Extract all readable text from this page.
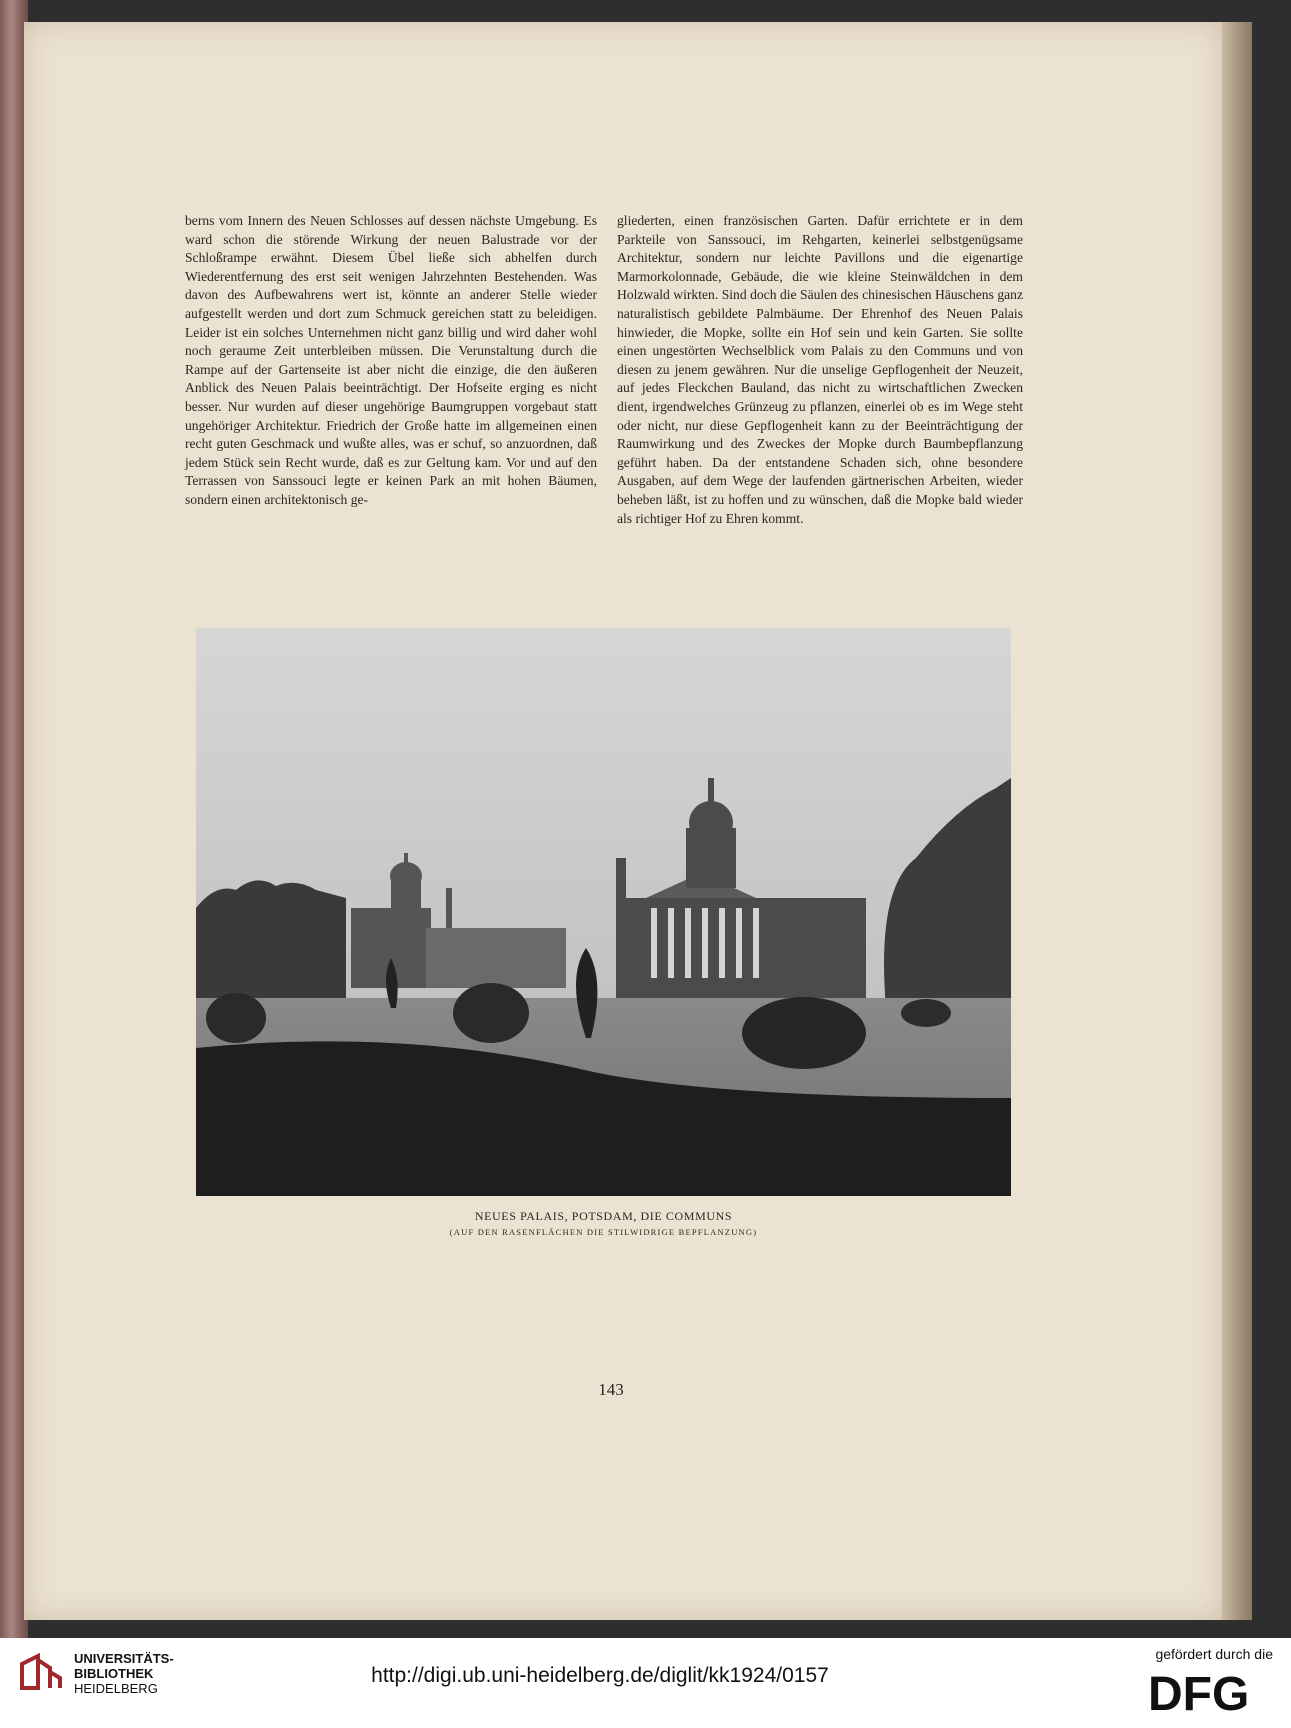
berns vom Innern des Neuen Schlosses auf dessen nächste Umgebung. Es ward schon die störende Wirkung der neuen Balustrade vor der Schloßrampe erwähnt. Diesem Übel ließe sich abhelfen durch Wiederentfernung des erst seit wenigen Jahrzehnten Bestehenden. Was davon des Aufbewahrens wert ist, könnte an anderer Stelle wieder aufgestellt werden und dort zum Schmuck gereichen statt zu beleidigen. Leider ist ein solches Unternehmen nicht ganz billig und wird daher wohl noch geraume Zeit unterbleiben müssen. Die Verunstaltung durch die Rampe auf der Gartenseite ist aber nicht die einzige, die den äußeren Anblick des Neuen Palais beeinträchtigt. Der Hofseite erging es nicht besser. Nur wurden auf dieser ungehörige Baumgruppen vorgebaut statt ungehöriger Architektur. Friedrich der Große hatte im allgemeinen einen recht guten Geschmack und wußte alles, was er schuf, so anzuordnen, daß jedem Stück sein Recht wurde, daß es zur Geltung kam. Vor und auf den Terrassen von Sanssouci legte er keinen Park an mit hohen Bäumen, sondern einen architektonisch ge-

gliederten, einen französischen Garten. Dafür errichtete er in dem Parkteile von Sanssouci, im Rehgarten, keinerlei selbstgenügsame Architektur, sondern nur leichte Pavillons und die eigenartige Marmorkolonnade, Gebäude, die wie kleine Steinwäldchen in dem Holzwald wirkten. Sind doch die Säulen des chinesischen Häuschens ganz naturalistisch gebildete Palmbäume. Der Ehrenhof des Neuen Palais hinwieder, die Mopke, sollte ein Hof sein und kein Garten. Sie sollte einen ungestörten Wechselblick vom Palais zu den Communs und von diesen zu jenem gewähren. Nur die unselige Gepflogenheit der Neuzeit, auf jedes Fleckchen Bauland, das nicht zu wirtschaftlichen Zwecken dient, irgendwelches Grünzeug zu pflanzen, einerlei ob es im Wege steht oder nicht, nur diese Gepflogenheit kann zu der Beeinträchtigung der Raumwirkung und des Zweckes der Mopke durch Baumbepflanzung geführt haben. Da der entstandene Schaden sich, ohne besondere Ausgaben, auf dem Wege der laufenden gärtnerischen Arbeiten, wieder beheben läßt, ist zu hoffen und zu wünschen, daß die Mopke bald wieder als richtiger Hof zu Ehren kommt.

NEUES PALAIS, POTSDAM, DIE COMMUNS
(AUF DEN RASENFLÄCHEN DIE STILWIDRIGE BEPFLANZUNG)
143
UNIVERSITÄTS-
BIBLIOTHEK
HEIDELBERG
http://digi.ub.uni-heidelberg.de/diglit/kk1924/0157
gefördert durch die
DFG
